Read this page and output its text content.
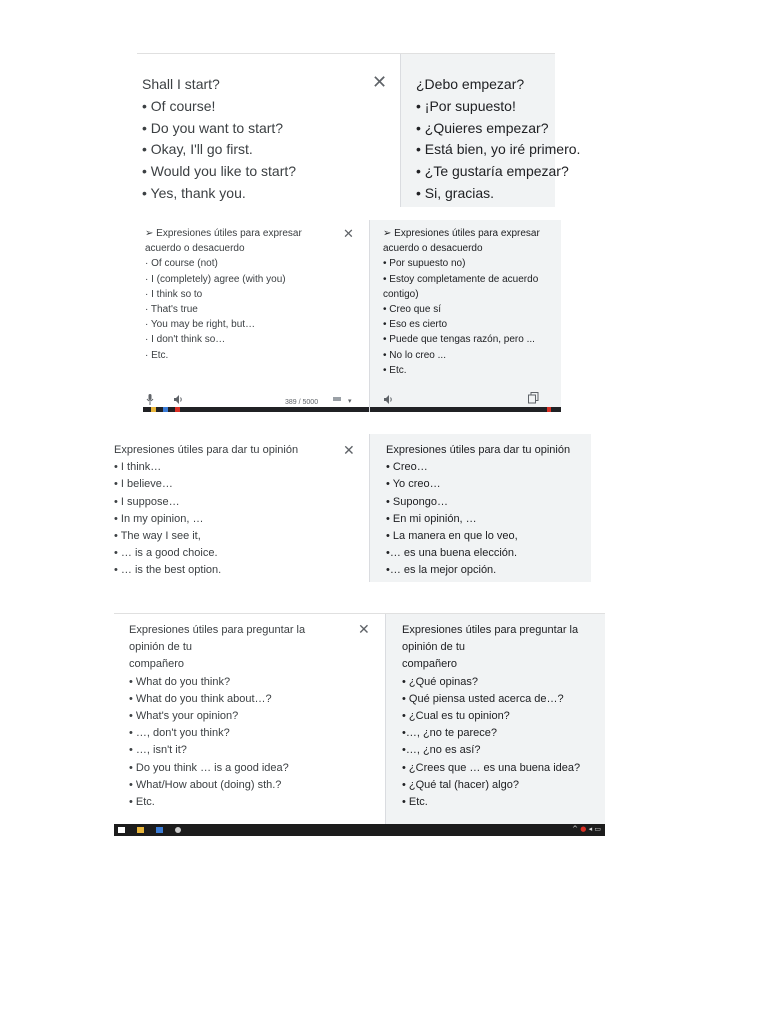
Shall I start?
• Of course!
• Do you want to start?
• Okay, I'll go first.
• Would you like to start?
• Yes, thank you.
✕ ¿Debo empezar?
• ¡Por supuesto!
• ¿Quieres empezar?
• Está bien, yo iré primero.
• ¿Te gustaría empezar?
• Si, gracias.
➢ Expresiones útiles para expresar
acuerdo o desacuerdo
· Of course (not)
· I (completely) agree (with you)
· I think so to
· That's true
· You may be right, but…
· I don't think so…
· Etc.
✕
389 / 5000	▾
➢ Expresiones útiles para expresar
acuerdo o desacuerdo
• Por supuesto no)
• Estoy completamente de acuerdo
contigo)
• Creo que sí
• Eso es cierto
• Puede que tengas razón, pero ...
• No lo creo ...
• Etc.
Expresiones útiles para dar tu opinión
• I think…
• I believe…
• I suppose…
• In my opinion, …
• The way I see it,
• … is a good choice.
• … is the best option.
✕	Expresiones útiles para dar tu opinión
• Creo…
• Yo creo…
• Supongo…
• En mi opinión, …
• La manera en que lo veo,
•… es una buena elección.
•… es la mejor opción.
Expresiones útiles para preguntar la
opinión de tu
compañero
• What do you think?
• What do you think about…?
• What's your opinion?
• …, don't you think?
• …, isn't it?
• Do you think … is a good idea?
• What/How about (doing) sth.?
• Etc.
✕	Expresiones útiles para preguntar la
opinión de tu
compañero
• ¿Qué opinas?
• Qué piensa usted acerca de…?
• ¿Cual es tu opinion?
•…, ¿no te parece?
•…, ¿no es así?
• ¿Crees que … es una buena idea?
• ¿Qué tal (hacer) algo?
• Etc.
^ ● ◂ ▭
